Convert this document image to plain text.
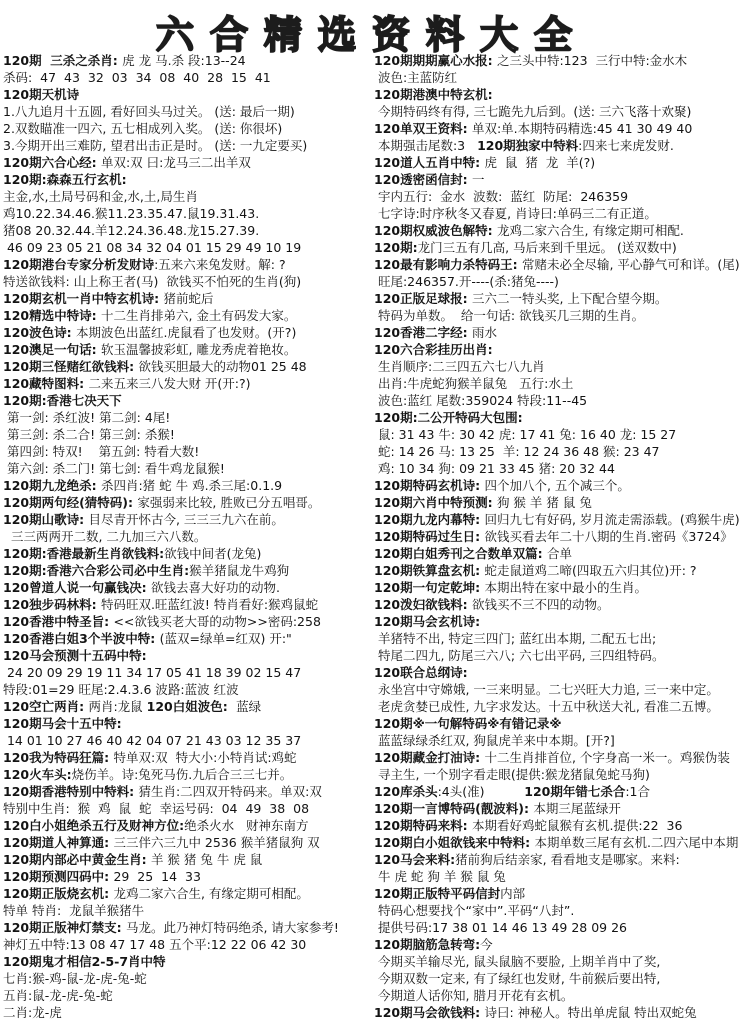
六合精选资料大全
120期  三杀之杀肖: 虎 龙 马.杀 段:13--24
杀码:  47  43  32  03  34  08  40  28  15  41
120期天机诗
1.八九追月十五圆, 看好回头马过关。 (送: 最后一期)
2.双数瞄准一四六, 五七相成列入奖。 (送: 你很坏)
3.今期开出三难防, 望君出击正是时。 (送: 一九定要买)
120期六合心经: 单双:双 曰:龙马三二出羊双
120期:森森五行玄机:
主金,水,土局号码和金,水,土,局生肖
鸡10.22.34.46.猴11.23.35.47.鼠19.31.43.
猪08 20.32.44.羊12.24.36.48.龙15.27.39.
46 09 23 05 21 08 34 32 04 01 15 29 49 10 19
120期港台专家分析发财诗:五来六来兔发财。解: ?
特送欲钱料: 山上称王者(马)  欲钱买不怕死的生肖(狗)
120期玄机一肖中特玄机诗: 猪前蛇后
120精选中特诗: 十二生肖排弟六, 金土有码发大家。
120波色诗: 本期波色出蓝红.虎鼠看了也发财。(开?)
120澳足一句话: 软玉温馨披彩虹, 雕龙秀虎着艳妆。
120期三怪赌红欲钱料: 欲钱买胆最大的动物01 25 48
120藏特图料: 二来五来三八发大财 开(开:?)
120期:香港七决天下
第一剑: 杀红波! 第二剑: 4尾!
第三剑: 杀二合! 第三剑: 杀猴!
第四剑: 特双!    第五剑: 特看大数!
第六剑: 杀二门! 第七剑: 看牛鸡龙鼠猴!
120期九龙绝杀: 杀四肖:猪 蛇 牛 鸡.杀三尾:0.1.9
120期两句经(猜特码): 家强弱来比较, 胜败已分五唱哥。
120期山歌诗: 目尽青开怀古今, 三三三九六在前。
三三两两开二数, 二九加三六八数。
120期:香港最新生肖欲钱料:欲钱中间者(龙兔)
120期:香港六合彩公司必中生肖:猴羊猪鼠龙牛鸡狗
120曾道人说一句赢钱决: 欲钱去喜大好功的动物.
120独步码林料: 特码旺双.旺蓝红波! 特肖看好:猴鸡鼠蛇
120香港中特圣旨: <<欲钱买老大哥的动物>>密码:258
120香港白姐3个半波中特: (蓝双=绿单=红双) 开:"
120马会预测十五码中特:
24 20 09 29 19 11 34 17 05 41 18 39 02 15 47
特段:01=29 旺尾:2.4.3.6 波路:蓝波 红波
120空亡两肖: 两肖:龙鼠 120白姐波色:  蓝绿
120期马会十五中特:
14 01 10 27 46 40 42 04 07 21 43 03 12 35 37
120我为特码狂篇: 特单双:双  特大小:小特肖试:鸡蛇
120火车头:烧伤羊。诗:兔死马伤.九后合三三七并。
120期香港特别中特料: 猜生肖:二四双开特码来。单双:双
特别中生肖:  猴  鸡  鼠  蛇  幸运号码:  04  49  38  08
120白小姐绝杀五行及财神方位:绝杀火水   财神东南方
120期道人神算通: 三三伴六三九中 2536 猴羊猪鼠狗 双
120期内部必中黄金生肖: 羊 猴 猪 兔 牛 虎 鼠
120期预测四码中: 29  25  14  33
120期正版烧玄机: 龙鸡二家六合生, 有缘定期可相配。
特单 特肖:  龙鼠羊猴猪牛
120期正版神灯禁支: 马龙。此乃神灯特码绝杀, 请大家参考!
神灯五中特:13 08 47 17 48 五个平:12 22 06 42 30
120期鬼才相信2-5-7肖中特
七肖:猴-鸡-鼠-龙-虎-兔-蛇
五肖:鼠-龙-虎-兔-蛇
二肖:龙-虎
120期期期赢心水报: 之三头中特:123  三行中特:金水木
波色:主蓝防红
120期港澳中特玄机:
今期特码终有得, 三七跪先九后到。(送: 三六飞落十欢聚)
120单双王资料: 单双:单.本期特码精选:45 41 30 49 40
本期强击尾数:3   120期独家中特料:四来七来虎发财.
120道人五肖中特: 虎  鼠  猪  龙  羊(?)
120透密函信封: 一
宇内五行:  金水  波数:  蓝红  防尾:  246359
七字诗:时序秋冬又春夏, 肖诗曰:单码三二有正道。
120期权威波色解特: 龙鸡二家六合生, 有缘定期可相配.
120期:龙门三五有几高, 马后来到千里远。 (送双数中)
120最有影响力杀特码王: 常赌未必全尽输, 平心静气可和详。(尾)
旺尾:246357.开----(杀:猪兔----)
120正版足球报: 三六二一特头奖, 上下配合望今期。
特码为单数。  给一句话: 欲钱买几三期的生肖。
120香港二字经: 雨水
120六合彩挂历出肖:
生肖顺序:二三四五六七八九肖
出肖:牛虎蛇狗猴羊鼠兔   五行:水土
波色:蓝红 尾数:359024 特段:11--45
120期:二公开特码大包围:
鼠: 31 43 牛: 30 42 虎: 17 41 兔: 16 40 龙: 15 27
蛇: 14 26 马: 13 25  羊: 12 24 36 48 猴: 23 47
鸡: 10 34 狗: 09 21 33 45 猪: 20 32 44
120期特码玄机诗: 四个加八个, 五个减三个。
120期六肖中特预测: 狗 猴 羊 猪 鼠 兔
120期九龙内幕特: 回归九七有好码, 岁月流走需添载。(鸡猴牛虎)
120期特码过生日: 欲钱买看去年二十八期的生肖.密码《3724》
120期白姐秀刊之合数单双篇: 合单
120期铁算盘玄机: 蛇走鼠道鸡二啼(四取五六归其位)开: ?
120期一句定乾坤: 本期出特在家中最小的生肖。
120泼妇欲钱料: 欲钱买不三不四的动物。
120期马会玄机诗:
羊猪特不出, 特定三四门; 蓝红出本期, 二配五七出;
特尾二四九, 防尾三六八; 六七出平码, 三四组特码。
120联合总纲诗:
永坐宫中守嫦娥, 一三来明显。二七兴旺大力追, 三一来中定。
老虎贪婪已成性, 九字求发达。十五中秋送大礼, 看准二五博。
120期※一句解特码※有错记录※
蓝蓝绿绿杀红双, 狗鼠虎羊来中本期。[开?]
120期藏金打油诗: 十二生肖排首位, 个字身高一米一。鸡猴伪装
寻主生, 一个别字看走眼(提供:猴龙猪鼠兔蛇马狗)
120库杀头:4头(准)          120期年错七杀合:1合
120期一言博特码(靓波料): 本期三尾蓝绿开
120期特码来料: 本期看好鸡蛇鼠猴有玄机.提供:22  36
120期白小姐欲钱来中特料: 本期单数三尾有玄机.二四六尾中本期
120马会来料:猪前狗后结亲家, 看看地支是哪家。来料:
牛 虎 蛇 狗 羊 猴 鼠 兔
120期正版特平码信封内部
特码心想要找个“家中”.平码“八封”.
提供号码:17 38 01 14 46 13 49 28 09 26
120期脑筋急转弯:今
今期买羊输尽光, 鼠头鼠脑不要脸, 上期羊肖中了奖,
今期双数一定来, 有了绿红也发财, 牛前猴后要出特,
今期道人话你知, 腊月开花有玄机。
120期马会欲钱料: 诗曰: 神秘人。特出单虎鼠 特出双蛇兔
